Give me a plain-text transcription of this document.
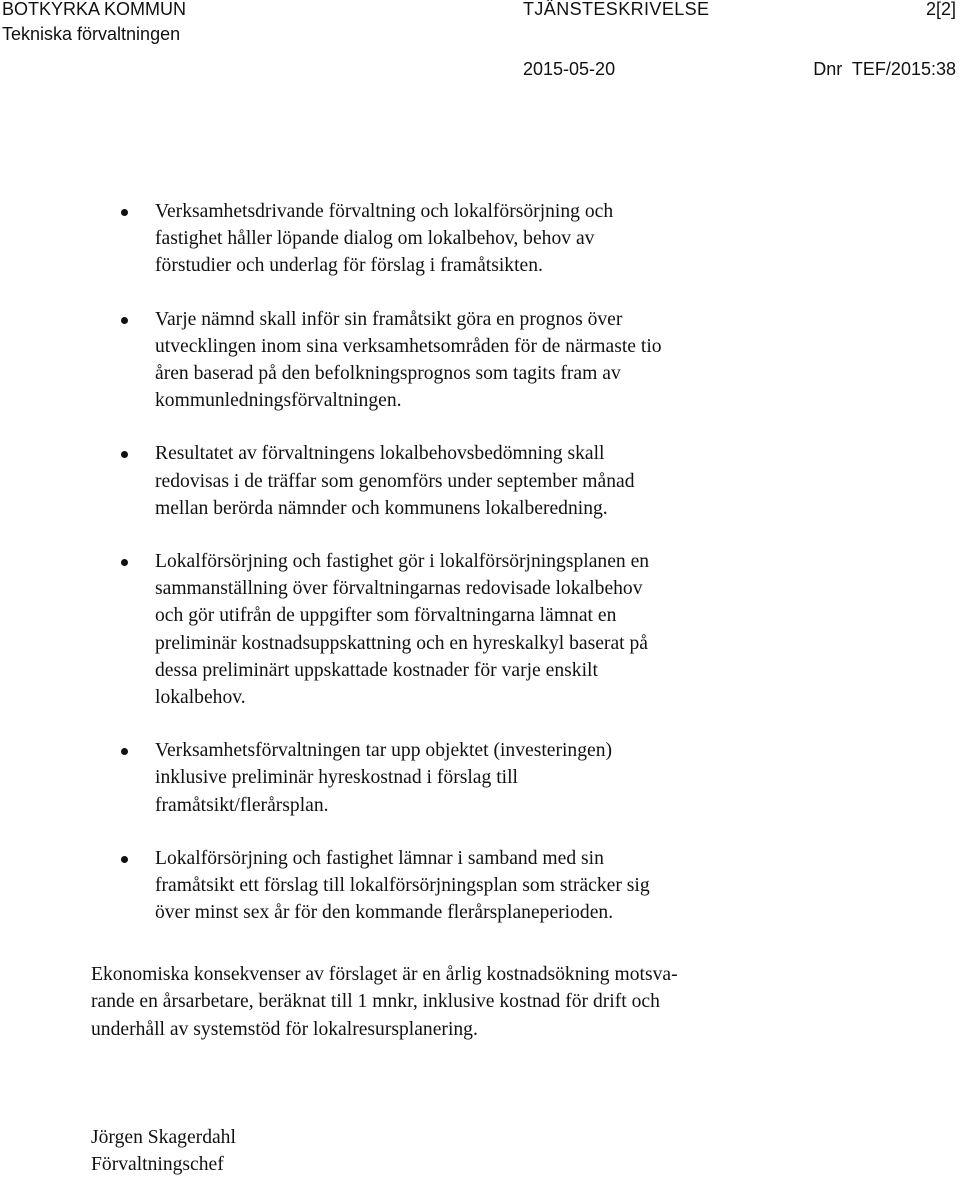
BOTKYRKA KOMMUN
Tekniska förvaltningen
TJÄNSTESKRIVELSE	2[2]
2015-05-20	Dnr  TEF/2015:38
Verksamhetsdrivande förvaltning och lokalförsörjning och
fastighet håller löpande dialog om lokalbehov, behov av
förstudier och underlag för förslag i framåtsikten.
Varje nämnd skall inför sin framåtsikt göra en prognos över
utvecklingen inom sina verksamhetsområden för de närmaste tio
åren baserad på den befolkningsprognos som tagits fram av
kommunledningsförvaltningen.
Resultatet av förvaltningens lokalbehovsbedömning skall
redovisas i de träffar som genomförs under september månad
mellan berörda nämnder och kommunens lokalberedning.
Lokalförsörjning och fastighet gör i lokalförsörjningsplanen en
sammanställning över förvaltningarnas redovisade lokalbehov
och gör utifrån de uppgifter som förvaltningarna lämnat en
preliminär kostnadsuppskattning och en hyreskalkyl baserat på
dessa preliminärt uppskattade kostnader för varje enskilt
lokalbehov.
Verksamhetsförvaltningen tar upp objektet (investeringen)
inklusive preliminär hyreskostnad i förslag till
framåtsikt/flerårsplan.
Lokalförsörjning och fastighet lämnar i samband med sin
framåtsikt ett förslag till lokalförsörjningsplan som sträcker sig
över minst sex år för den kommande flerårsplaneperioden.

Ekonomiska konsekvenser av förslaget är en årlig kostnadsökning motsva-
rande en årsarbetare, beräknat till 1 mnkr, inklusive kostnad för drift och
underhåll av systemstöd för lokalresursplanering.

Jörgen Skagerdahl
Förvaltningschef
